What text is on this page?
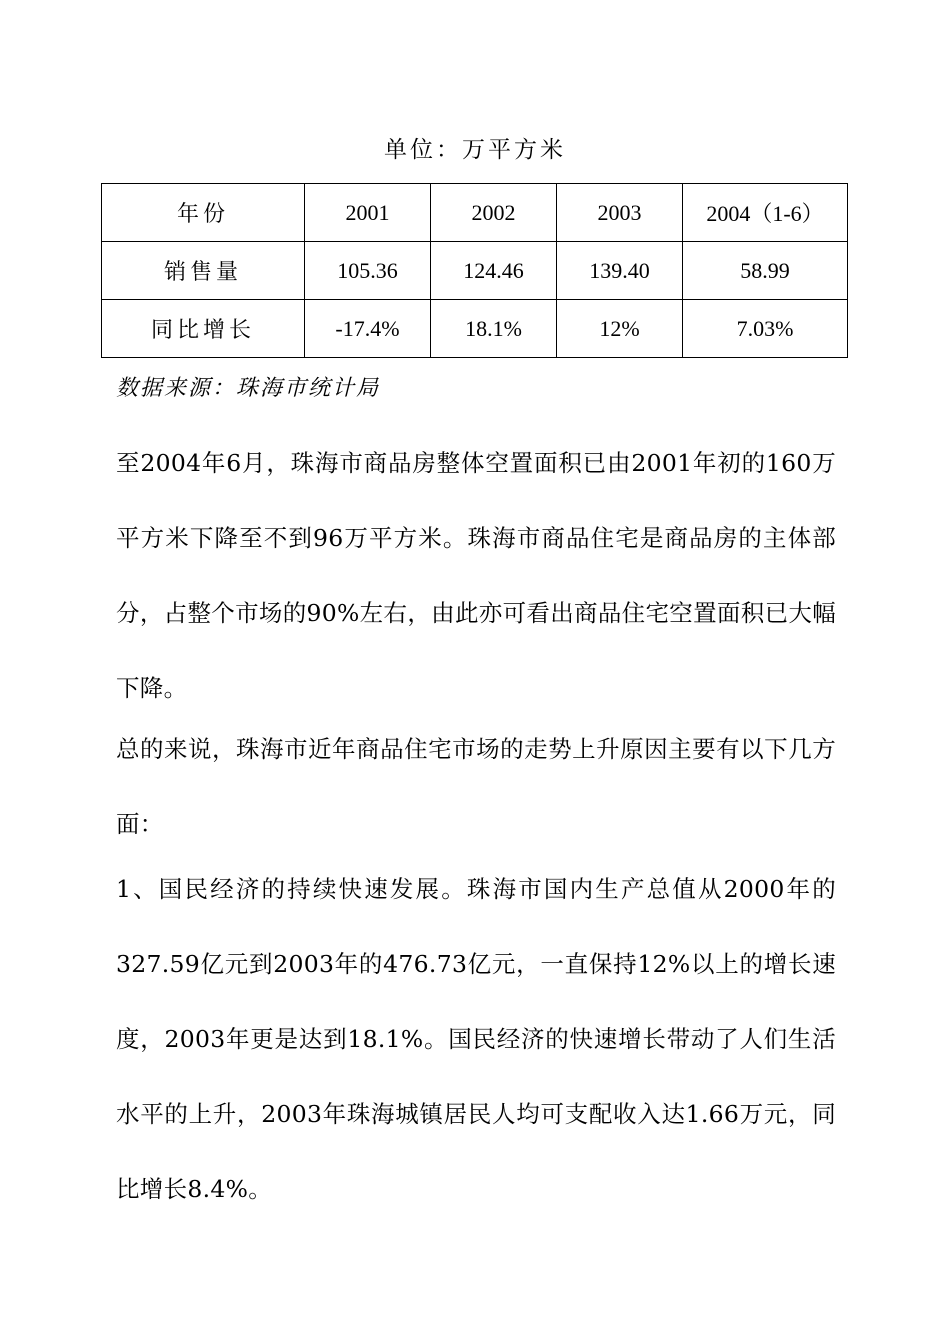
单位：万平方米
年份	2001	2002	2003	2004（1-6）
销售量	105.36	124.46	139.40	58.99
同比增长	-17.4%	18.1%	12%	7.03%
数据来源：珠海市统计局

至2004年6月，珠海市商品房整体空置面积已由2001年初的160万平方米下降至不到96万平方米。珠海市商品住宅是商品房的主体部分，占整个市场的90%左右，由此亦可看出商品住宅空置面积已大幅下降。

总的来说，珠海市近年商品住宅市场的走势上升原因主要有以下几方面：

1、国民经济的持续快速发展。珠海市国内生产总值从2000年的327.59亿元到2003年的476.73亿元，一直保持12%以上的增长速度，2003年更是达到18.1%。国民经济的快速增长带动了人们生活水平的上升，2003年珠海城镇居民人均可支配收入达1.66万元，同比增长8.4%。
